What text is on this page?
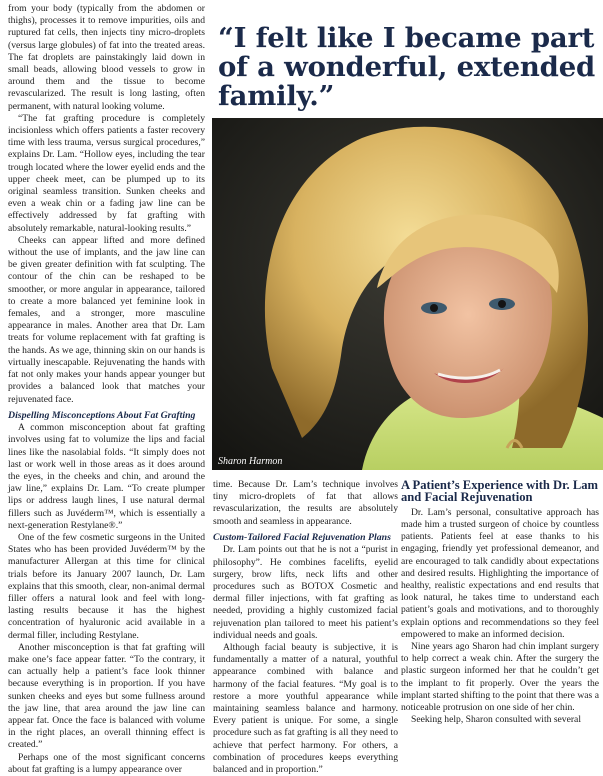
from your body (typically from the abdomen or thighs), processes it to remove impurities, oils and ruptured fat cells, then injects tiny micro-droplets (versus large globules) of fat into the treated areas. The fat droplets are painstakingly laid down in small beads, allowing blood vessels to grow in around them and the tissue to become revascularized. The result is long lasting, often permanent, with natural looking volume.

“The fat grafting procedure is completely incisionless which offers patients a faster recovery time with less trauma, versus surgical procedures,” explains Dr. Lam. “Hollow eyes, including the tear trough located where the lower eyelid ends and the upper cheek meet, can be plumped up to its original seamless transition. Sunken cheeks and even a weak chin or a fading jaw line can be effectively addressed by fat grafting with absolutely remarkable, natural-looking results.”

Cheeks can appear lifted and more defined without the use of implants, and the jaw line can be given greater definition with fat sculpting. The contour of the chin can be reshaped to be smoother, or more angular in appearance, tailored to create a more balanced yet feminine look in females, and a stronger, more masculine appearance in males. Another area that Dr. Lam treats for volume replacement with fat grafting is the hands. As we age, thinning skin on our hands is virtually inescapable. Rejuvenating the hands with fat not only makes your hands appear younger but provides a balanced look that matches your rejuvenated face.

Dispelling Misconceptions About Fat Grafting

A common misconception about fat grafting involves using fat to volumize the lips and facial lines like the nasolabial folds. “It simply does not last or work well in those areas as it does around the eyes, in the cheeks and chin, and around the jaw line,” explains Dr. Lam. “To create plumper lips or address laugh lines, I use natural dermal fillers such as Juvéderm™, which is essentially a next-generation Restylane®.”

One of the few cosmetic surgeons in the United States who has been provided Juvéderm™ by the manufacturer Allergan at this time for clinical trials before its January 2007 launch, Dr. Lam explains that this smooth, clear, non-animal dermal filler offers a natural look and feel with long-lasting results because it has the highest concentration of hyaluronic acid available in a dermal filler, including Restylane.

Another misconception is that fat grafting will make one’s face appear fatter. “To the contrary, it can actually help a patient’s face look thinner because everything is in proportion. If you have sunken cheeks and eyes but some fullness around the jaw line, that area around the jaw line can appear fat. Once the face is balanced with volume in the right places, an overall thinning effect is created.”

Perhaps one of the most significant concerns about fat grafting is a lumpy appearance over

“I felt like I became part of a wonderful, extended family.”
Sharon Harmon

time. Because Dr. Lam’s technique involves tiny micro-droplets of fat that allows revascularization, the results are absolutely smooth and seamless in appearance.

Custom-Tailored Facial Rejuvenation Plans

Dr. Lam points out that he is not a “purist in philosophy”. He combines facelifts, eyelid surgery, brow lifts, neck lifts and other procedures such as BOTOX Cosmetic and dermal filler injections, with fat grafting as needed, providing a highly customized facial rejuvenation plan tailored to meet his patient’s individual needs and goals.

Although facial beauty is subjective, it is fundamentally a matter of a natural, youthful appearance combined with balance and harmony of the facial features. “My goal is to restore a more youthful appearance while maintaining seamless balance and harmony. Every patient is unique. For some, a single procedure such as fat grafting is all they need to achieve that perfect harmony. For others, a combination of procedures keeps everything balanced and in proportion.”

A Patient’s Experience with Dr. Lam and Facial Rejuvenation

Dr. Lam’s personal, consultative approach has made him a trusted surgeon of choice by countless patients. Patients feel at ease thanks to his engaging, friendly yet professional demeanor, and are encouraged to talk candidly about expectations and desired results. Highlighting the importance of healthy, realistic expectations and end results that look natural, he takes time to understand each patient’s goals and motivations, and to thoroughly explain options and recommendations so they feel empowered to make an informed decision.

Nine years ago Sharon had chin implant surgery to help correct a weak chin. After the surgery the plastic surgeon informed her that he couldn’t get the implant to fit properly. Over the years the implant started shifting to the point that there was a noticeable protrusion on one side of her chin.

Seeking help, Sharon consulted with several
